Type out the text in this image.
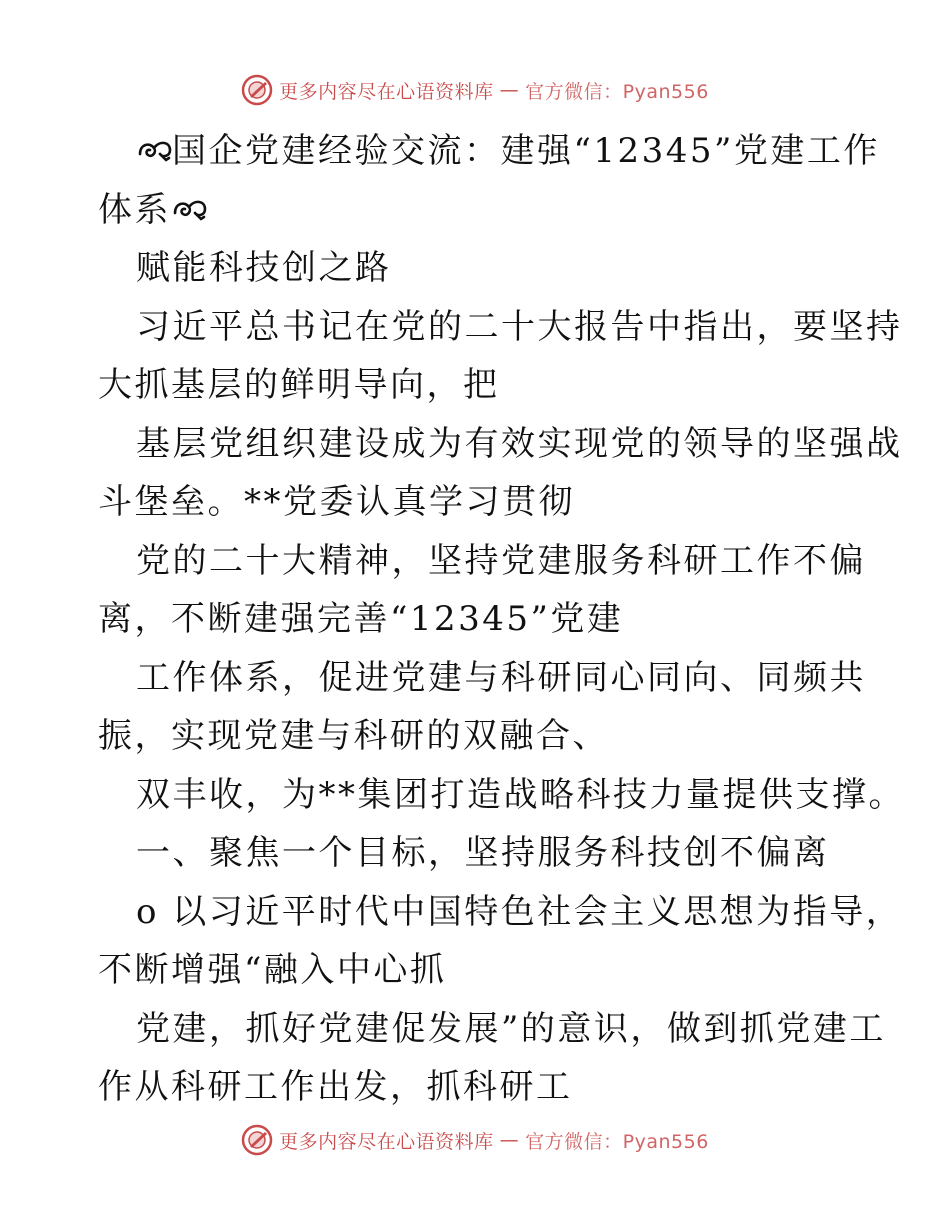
更多内容尽在心语资料库 — 官方微信：Pyan556
国企党建经验交流：建强“12345”党建工作
体系
赋能科技创之路
习近平总书记在党的二十大报告中指出，要坚持
大抓基层的鲜明导向，把
基层党组织建设成为有效实现党的领导的坚强战
斗堡垒。**党委认真学习贯彻
党的二十大精神，坚持党建服务科研工作不偏
离，不断建强完善“12345”党建
工作体系，促进党建与科研同心同向、同频共
振，实现党建与科研的双融合、
双丰收，为**集团打造战略科技力量提供支撑。
一、聚焦一个目标，坚持服务科技创不偏离
o 以习近平时代中国特色社会主义思想为指导，
不断增强“融入中心抓
党建，抓好党建促发展”的意识，做到抓党建工
作从科研工作出发，抓科研工
更多内容尽在心语资料库 — 官方微信：Pyan556
